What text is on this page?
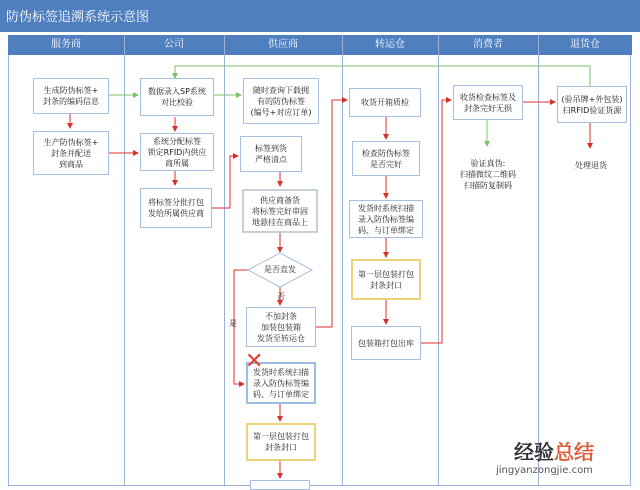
防伪标签追溯系统示意图
服务商	公司	供应商	转运仓	消费者	退货仓
生成防伪标签+
封条的编码信息
生产防伪标签+
封条并配送
到商品
数据录入SP系统
对比校验
系统分配标签
锁定RFID内供应
商所属
将标签分批打包
发给所属供应商
随时查询下载拥
有的防伪标签
(编号+对应订单)
标签到货
严格清点
供应商备货
将标签完好串固
地悬挂在商品上
是否直发
否
是
不加封条
加装包装箱
发货至转运仓
发货时系统扫描
录入防伪标签编
码、与订单绑定
✕
第一层包装打包
封条封口
收货开箱质检
检查防伪标签
是否完好
发货时系统扫描
录入防伪标签编
码、与订单绑定
第一层包装打包
封条封口
包装箱打包出库
收货检查标签及
封条完好无损
验证真伪:
扫描微纹二维码
扫描防复制码
(验吊牌+外包装)
扫RFID验证货源
处理退货
经验总结
jingyanzongjie.com
